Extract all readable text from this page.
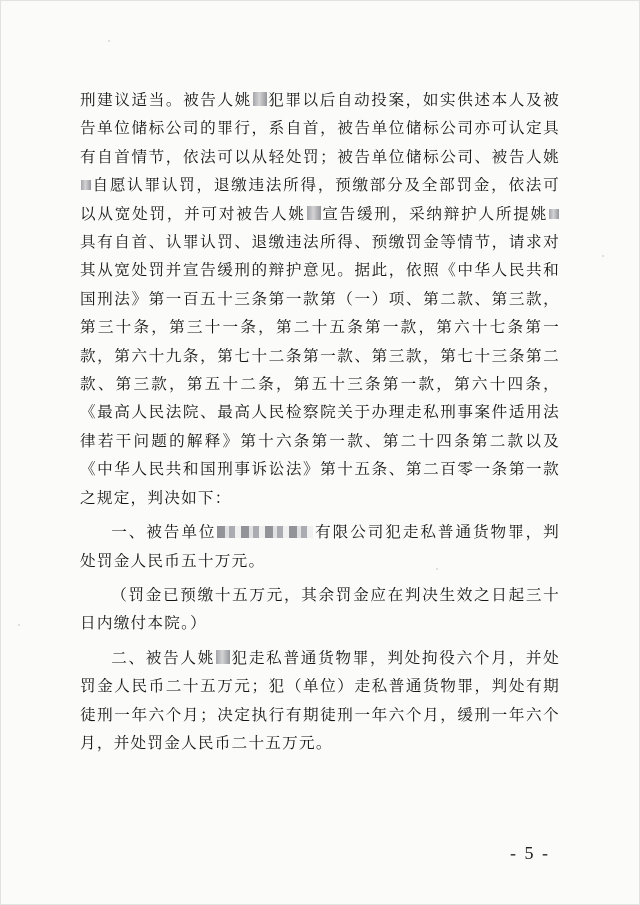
刑建议适当。被告人姚 犯罪以后自动投案，如实供述本人及被告单位储标公司的罪行，系自首，被告单位储标公司亦可认定具有自首情节，依法可以从轻处罚；被告单位储标公司、被告人姚自愿认罪认罚，退缴违法所得，预缴部分及全部罚金，依法可以从宽处罚，并可对被告人姚 宣告缓刑，采纳辩护人所提姚具有自首、认罪认罚、退缴违法所得、预缴罚金等情节，请求对其从宽处罚并宣告缓刑的辩护意见。据此，依照《中华人民共和国刑法》第一百五十三条第一款第（一）项、第二款、第三款，第三十条，第三十一条，第二十五条第一款，第六十七条第一款，第六十九条，第七十二条第一款、第三款，第七十三条第二款、第三款，第五十二条，第五十三条第一款，第六十四条，《最高人民法院、最高人民检察院关于办理走私刑事案件适用法律若干问题的解释》第十六条第一款、第二十四条第二款以及《中华人民共和国刑事诉讼法》第十五条、第二百零一条第一款之规定，判决如下：

一、被告单位	有限公司犯走私普通货物罪，判处罚金人民币五十万元。

（罚金已预缴十五万元，其余罚金应在判决生效之日起三十日内缴付本院。）

二、被告人姚 犯走私普通货物罪，判处拘役六个月，并处罚金人民币二十五万元；犯（单位）走私普通货物罪，判处有期徒刑一年六个月；决定执行有期徒刑一年六个月，缓刑一年六个月，并处罚金人民币二十五万元。

- 5 -
